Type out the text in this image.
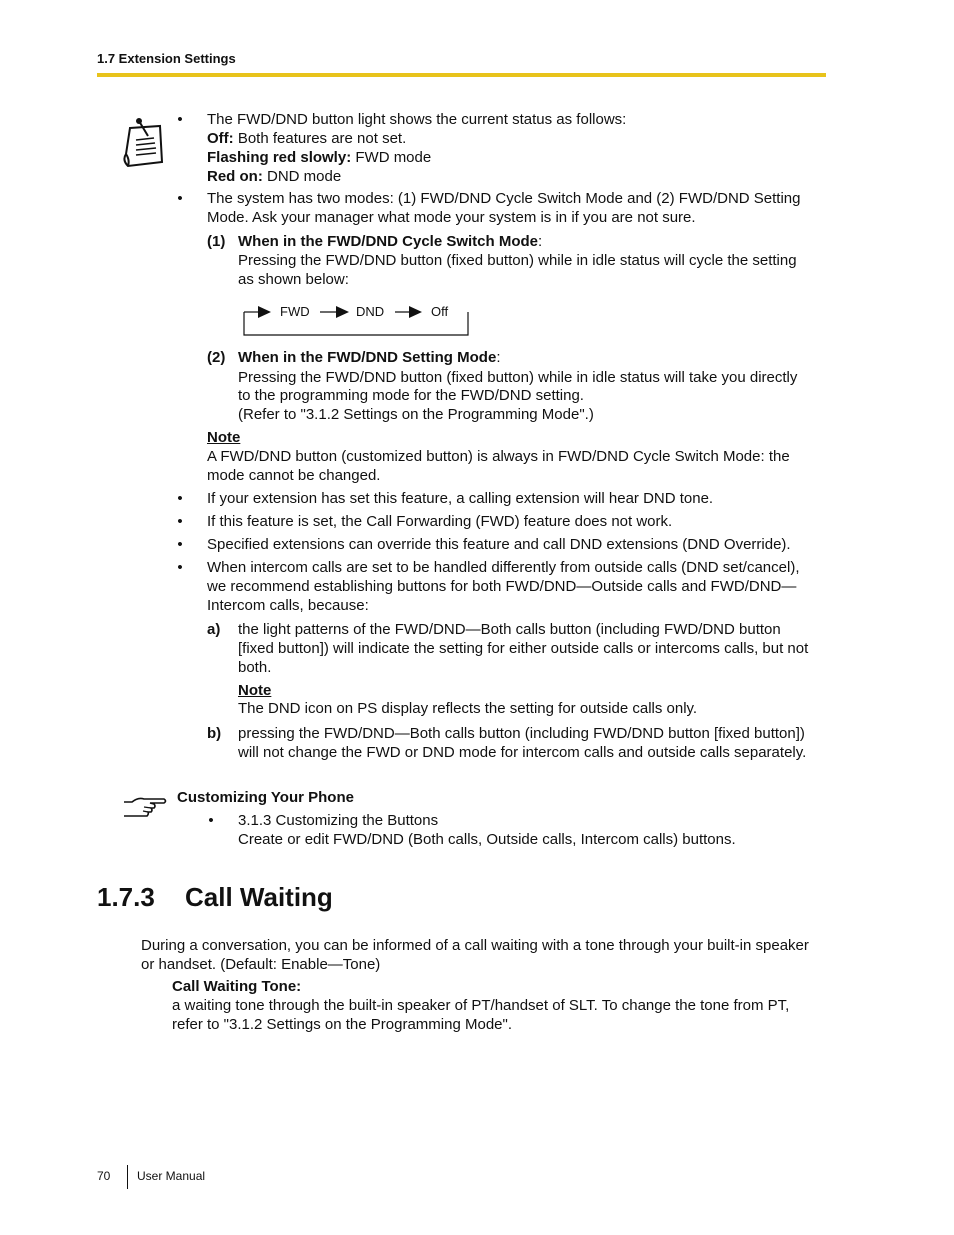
1.7 Extension Settings
• The FWD/DND button light shows the current status as follows:
Off: Both features are not set.
Flashing red slowly: FWD mode
Red on: DND mode
• The system has two modes: (1) FWD/DND Cycle Switch Mode and (2) FWD/DND Setting
Mode. Ask your manager what mode your system is in if you are not sure.
(1) When in the FWD/DND Cycle Switch Mode:
Pressing the FWD/DND button (fixed button) while in idle status will cycle the setting
as shown below:
FWD	DND	Off
(2) When in the FWD/DND Setting Mode:
Pressing the FWD/DND button (fixed button) while in idle status will take you directly
to the programming mode for the FWD/DND setting.
(Refer to "3.1.2 Settings on the Programming Mode".)
Note
A FWD/DND button (customized button) is always in FWD/DND Cycle Switch Mode: the
mode cannot be changed.
• If your extension has set this feature, a calling extension will hear DND tone.
• If this feature is set, the Call Forwarding (FWD) feature does not work.
• Specified extensions can override this feature and call DND extensions (DND Override).
• When intercom calls are set to be handled differently from outside calls (DND set/cancel),
we recommend establishing buttons for both FWD/DND—Outside calls and FWD/DND—
Intercom calls, because:
a) the light patterns of the FWD/DND—Both calls button (including FWD/DND button
[fixed button]) will indicate the setting for either outside calls or intercoms calls, but not
both.
Note
The DND icon on PS display reflects the setting for outside calls only.
b) pressing the FWD/DND—Both calls button (including FWD/DND button [fixed button])
will not change the FWD or DND mode for intercom calls and outside calls separately.
Customizing Your Phone
• 3.1.3 Customizing the Buttons
Create or edit FWD/DND (Both calls, Outside calls, Intercom calls) buttons.
1.7.3 Call Waiting
During a conversation, you can be informed of a call waiting with a tone through your built-in speaker
or handset. (Default: Enable—Tone)
Call Waiting Tone:
a waiting tone through the built-in speaker of PT/handset of SLT. To change the tone from PT,
refer to "3.1.2 Settings on the Programming Mode".
70 User Manual
